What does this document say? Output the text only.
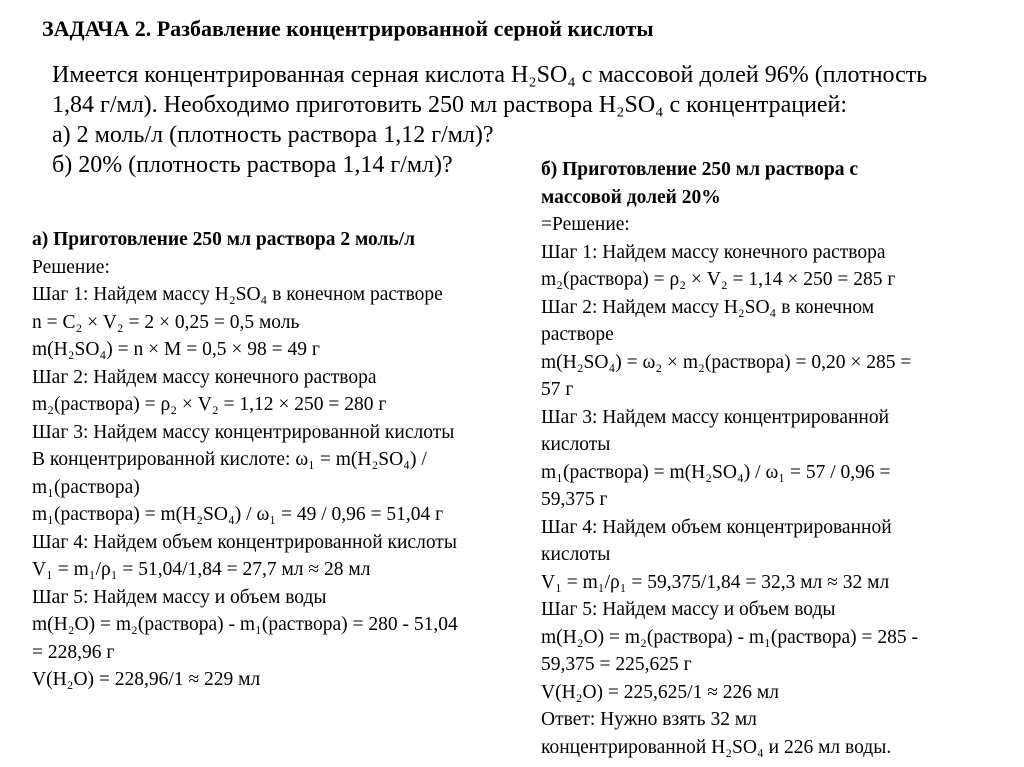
ЗАДАЧА 2. Разбавление концентрированной серной кислоты
Имеется концентрированная серная кислота H₂SO₄ с массовой долей 96% (плотность
1,84 г/мл). Необходимо приготовить 250 мл раствора H₂SO₄ с концентрацией:
а) 2 моль/л (плотность раствора 1,12 г/мл)?
б) 20% (плотность раствора 1,14 г/мл)?
а) Приготовление 250 мл раствора 2 моль/л
Решение:
Шаг 1: Найдем массу H₂SO₄ в конечном растворе
n = C₂ × V₂ = 2 × 0,25 = 0,5 моль
m(H₂SO₄) = n × M = 0,5 × 98 = 49 г
Шаг 2: Найдем массу конечного раствора
m₂(раствора) = ρ₂ × V₂ = 1,12 × 250 = 280 г
Шаг 3: Найдем массу концентрированной кислоты
В концентрированной кислоте: ω₁ = m(H₂SO₄) /
m₁(раствора)
m₁(раствора) = m(H₂SO₄) / ω₁ = 49 / 0,96 = 51,04 г
Шаг 4: Найдем объем концентрированной кислоты
V₁ = m₁/ρ₁ = 51,04/1,84 = 27,7 мл ≈ 28 мл
Шаг 5: Найдем массу и объем воды
m(H₂O) = m₂(раствора) - m₁(раствора) = 280 - 51,04
= 228,96 г
V(H₂O) = 228,96/1 ≈ 229 мл
б) Приготовление 250 мл раствора с
массовой долей 20%
=Решение:
Шаг 1: Найдем массу конечного раствора
m₂(раствора) = ρ₂ × V₂ = 1,14 × 250 = 285 г
Шаг 2: Найдем массу H₂SO₄ в конечном
растворе
m(H₂SO₄) = ω₂ × m₂(раствора) = 0,20 × 285 =
57 г
Шаг 3: Найдем массу концентрированной
кислоты
m₁(раствора) = m(H₂SO₄) / ω₁ = 57 / 0,96 =
59,375 г
Шаг 4: Найдем объем концентрированной
кислоты
V₁ = m₁/ρ₁ = 59,375/1,84 = 32,3 мл ≈ 32 мл
Шаг 5: Найдем массу и объем воды
m(H₂O) = m₂(раствора) - m₁(раствора) = 285 -
59,375 = 225,625 г
V(H₂O) = 225,625/1 ≈ 226 мл
Ответ: Нужно взять 32 мл
концентрированной H₂SO₄ и 226 мл воды.
